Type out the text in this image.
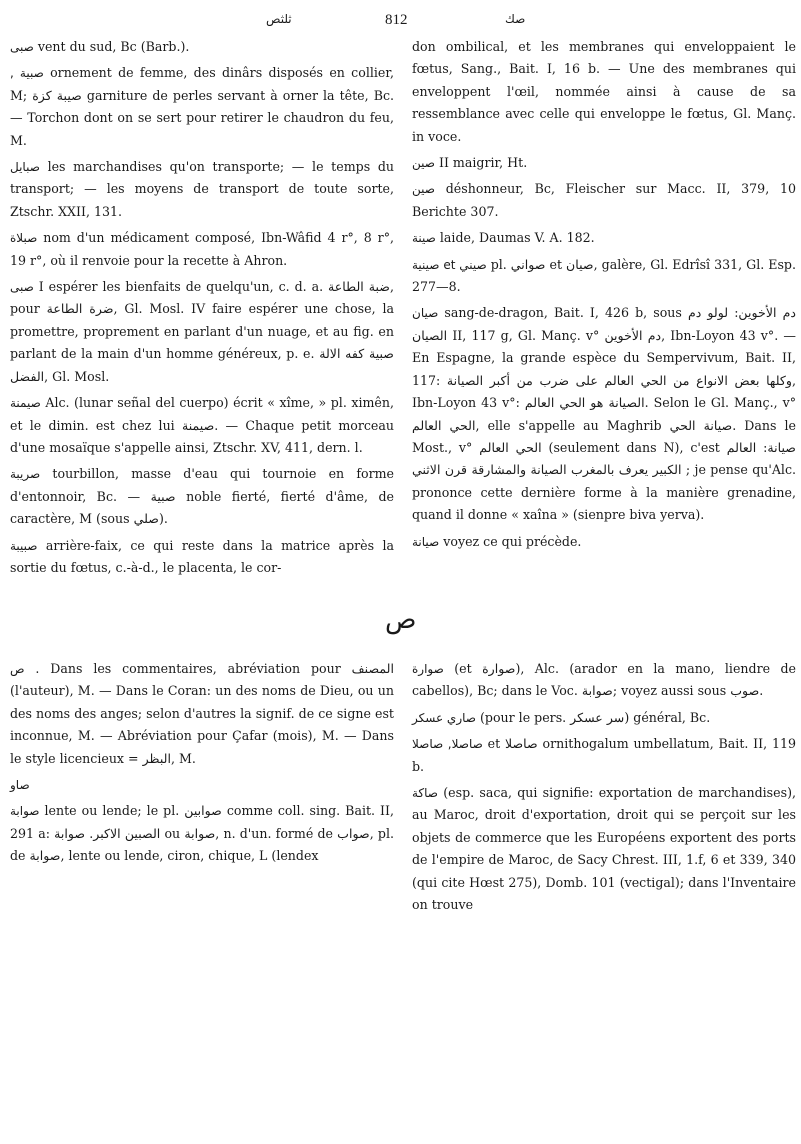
ثلثص	812	صك

صبى vent du sud, Bc (Barb.).

صبية , ornement de femme, des dinârs disposés en collier, M; صيبة كزة garniture de perles servant à orner la tête, Bc. — Torchon dont on se sert pour retirer le chaudron du feu, M.

صبايل les marchandises qu'on transporte; — le temps du transport; — les moyens de transport de toute sorte, Ztschr. XXII, 131.

صبلاة nom d'un médicament composé, Ibn-Wâfid 4 r°, 8 r°, 19 r°, où il renvoie pour la recette à Ahron.

صبى I espérer les bienfaits de quelqu'un, c. d. a. ضبة الطاعة, pour ضرة الطاعة, Gl. Mosl. IV faire espérer une chose, la promettre, proprement en parlant d'un nuage, et au fig. en parlant de la main d'un homme généreux, p. e. صبية كفه الالة الفضل, Gl. Mosl.

صيمنة Alc. (lunar señal del cuerpo) écrit « xîme, » pl. ximên, et le dimin. est chez lui صيمنة. — Chaque petit morceau d'une mosaïque s'appelle ainsi, Ztschr. XV, 411, dern. l.

صريبة tourbillon, masse d'eau qui tournoie en forme d'entonnoir, Bc. — صبية noble fierté, fierté d'âme, de caractère, M (sous صلي).

صبيبة arrière-faix, ce qui reste dans la matrice après la sortie du fœtus, c.-à-d., le placenta, le cor-

don ombilical, et les membranes qui enveloppaient le fœtus, Sang., Bait. I, 16 b. — Une des membranes qui enveloppent l'œil, nommée ainsi à cause de sa ressemblance avec celle qui enveloppe le fœtus, Gl. Manç. in voce.

صين II maigrir, Ht.

صين déshonneur, Bc, Fleischer sur Macc. II, 379, 10 Berichte 307.

صينة laide, Daumas V. A. 182.

صيني et صينية pl. صواني et صيان, galère, Gl. Edrîsî 331, Gl. Esp. 277—8.

صيان sang-de-dragon, Bait. I, 426 b, sous دم الأخوين: لولو دم الصيان II, 117 g, Gl. Manç. v° دم الأخوين, Ibn-Loyon 43 v°. — En Espagne, la grande espèce du Sempervivum, Bait. II, 117: وكلها بعض الانواع من الحي العالم على ضرب من أكبر الصيانة, Ibn-Loyon 43 v°: الصيانة هو الحي العالم. Selon le Gl. Manç., v° الحي العالم, elle s'appelle au Maghrib صيانة الحي. Dans le Most., v° الحي العالم (seulement dans N), c'est صيانة: العالم الكبير يعرف بالمغرب الصيانة والمشارقة قرن الاثني ; je pense qu'Alc. prononce cette dernière forme à la manière grenadine, quand il donne « xaîna » (sienpre biva yerva).

صيانة voyez ce qui précède.

ص

ص . Dans les commentaires, abréviation pour المصنف (l'auteur), M. — Dans le Coran: un des noms de Dieu, ou un des noms des anges; selon d'autres la signif. de ce signe est inconnue, M. — Abréviation pour Çafar (mois), M. — Dans le style licencieux = البظر, M.

صاو

صوابة lente ou lende; le pl. صوابين comme coll. sing. Bait. II, 291 a: الصبين الاكبر. صوابة ou صوابة, n. d'un. formé de صواب, pl. de صوابة, lente ou lende, ciron, chique, L (lendex

صوارة (et صوارة), Alc. (arador en la mano, liendre de cabellos), Bc; dans le Voc. صوابة; voyez aussi sous صوب.

صاري عسكر (pour le pers. سر عسكر) général, Bc.

صاصلا, صاصلا et صاصلا ornithogalum umbellatum, Bait. II, 119 b.

صاكة (esp. saca, qui signifie: exportation de marchandises), au Maroc, droit d'exportation, droit qui se perçoit sur les objets de commerce que les Européens exportent des ports de l'empire de Maroc, de Sacy Chrest. III, 1.f, 6 et 339, 340 (qui cite Hœst 275), Domb. 101 (vectigal); dans l'Inventaire on trouve
